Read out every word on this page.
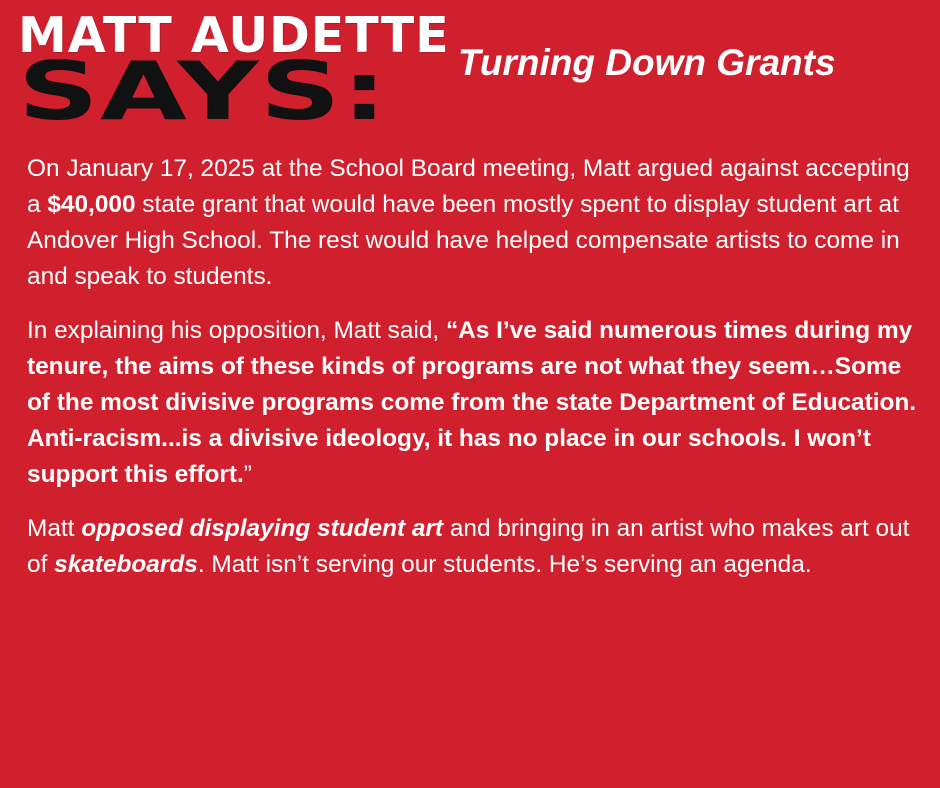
MATT AUDETTE
SAYS: Turning Down Grants

On January 17, 2025 at the School Board meeting, Matt argued against accepting a $40,000 state grant that would have been mostly spent to display student art at Andover High School. The rest would have helped compensate artists to come in and speak to students.

In explaining his opposition, Matt said, “As I’ve said numerous times during my tenure, the aims of these kinds of programs are not what they seem…Some of the most divisive programs come from the state Department of Education. Anti-racism...is a divisive ideology, it has no place in our schools. I won’t support this effort.”

Matt opposed displaying student art and bringing in an artist who makes art out of skateboards. Matt isn’t serving our students. He’s serving an agenda.
